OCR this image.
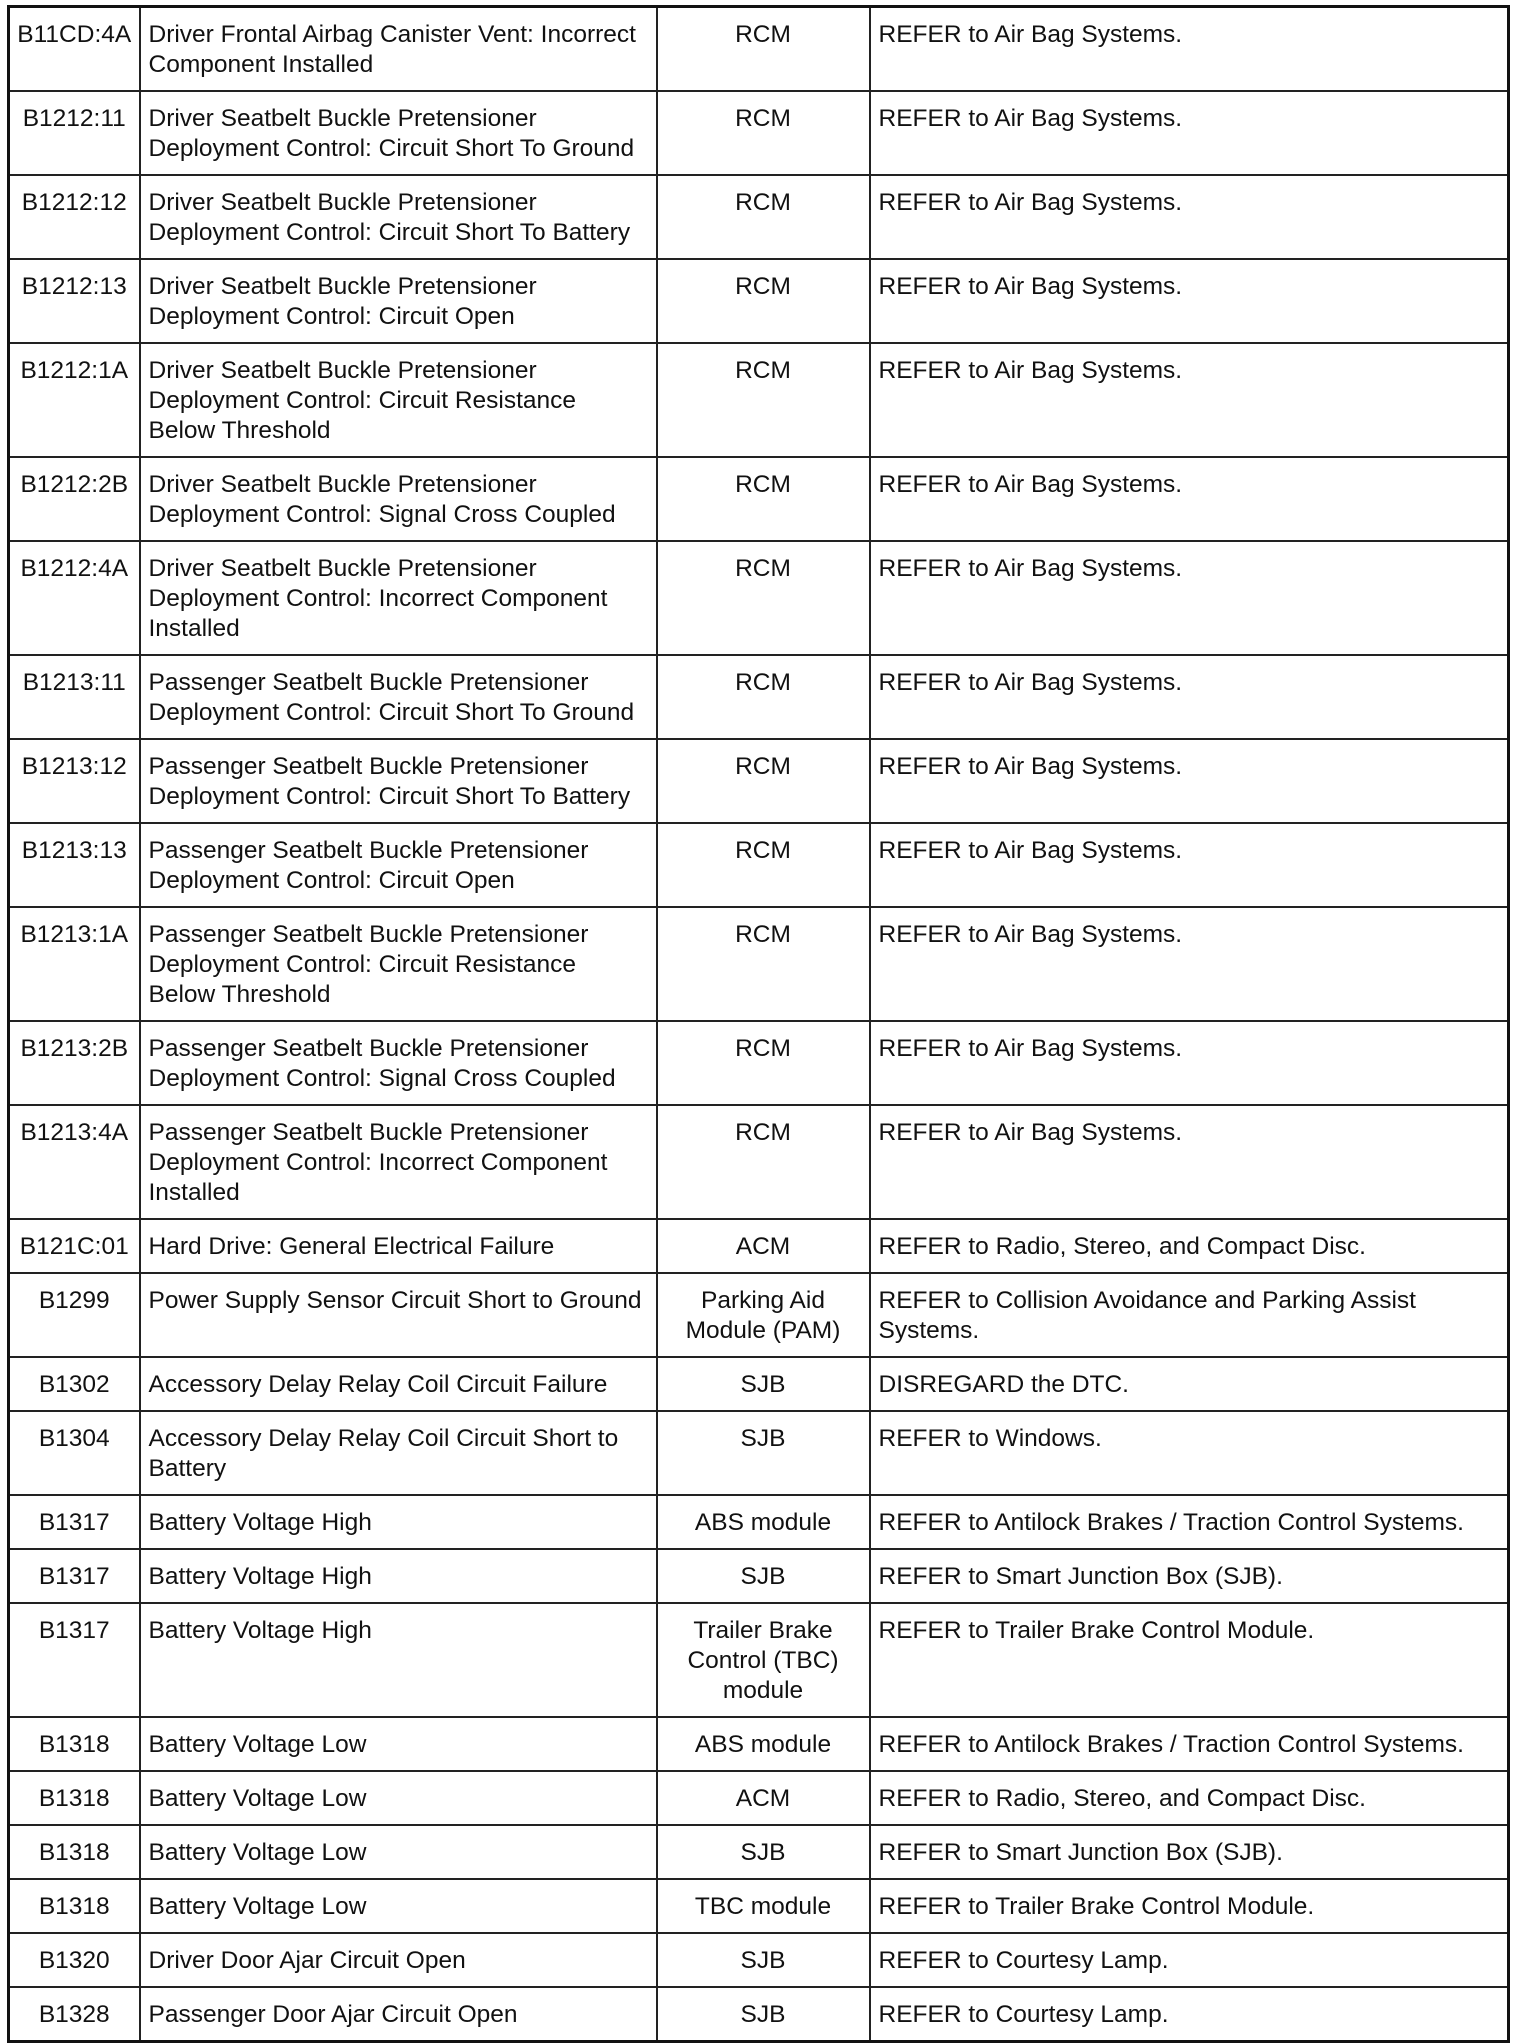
B11CD:4A	Driver Frontal Airbag Canister Vent: Incorrect Component Installed	RCM	REFER to Air Bag Systems.
B1212:11	Driver Seatbelt Buckle Pretensioner Deployment Control: Circuit Short To Ground	RCM	REFER to Air Bag Systems.
B1212:12	Driver Seatbelt Buckle Pretensioner Deployment Control: Circuit Short To Battery	RCM	REFER to Air Bag Systems.
B1212:13	Driver Seatbelt Buckle Pretensioner Deployment Control: Circuit Open	RCM	REFER to Air Bag Systems.
B1212:1A	Driver Seatbelt Buckle Pretensioner Deployment Control: Circuit Resistance Below Threshold	RCM	REFER to Air Bag Systems.
B1212:2B	Driver Seatbelt Buckle Pretensioner Deployment Control: Signal Cross Coupled	RCM	REFER to Air Bag Systems.
B1212:4A	Driver Seatbelt Buckle Pretensioner Deployment Control: Incorrect Component Installed	RCM	REFER to Air Bag Systems.
B1213:11	Passenger Seatbelt Buckle Pretensioner Deployment Control: Circuit Short To Ground	RCM	REFER to Air Bag Systems.
B1213:12	Passenger Seatbelt Buckle Pretensioner Deployment Control: Circuit Short To Battery	RCM	REFER to Air Bag Systems.
B1213:13	Passenger Seatbelt Buckle Pretensioner Deployment Control: Circuit Open	RCM	REFER to Air Bag Systems.
B1213:1A	Passenger Seatbelt Buckle Pretensioner Deployment Control: Circuit Resistance Below Threshold	RCM	REFER to Air Bag Systems.
B1213:2B	Passenger Seatbelt Buckle Pretensioner Deployment Control: Signal Cross Coupled	RCM	REFER to Air Bag Systems.
B1213:4A	Passenger Seatbelt Buckle Pretensioner Deployment Control: Incorrect Component Installed	RCM	REFER to Air Bag Systems.
B121C:01	Hard Drive: General Electrical Failure	ACM	REFER to Radio, Stereo, and Compact Disc.
B1299	Power Supply Sensor Circuit Short to Ground	Parking Aid Module (PAM)	REFER to Collision Avoidance and Parking Assist Systems.
B1302	Accessory Delay Relay Coil Circuit Failure	SJB	DISREGARD the DTC.
B1304	Accessory Delay Relay Coil Circuit Short to Battery	SJB	REFER to Windows.
B1317	Battery Voltage High	ABS module	REFER to Antilock Brakes / Traction Control Systems.
B1317	Battery Voltage High	SJB	REFER to Smart Junction Box (SJB).
B1317	Battery Voltage High	Trailer Brake Control (TBC) module	REFER to Trailer Brake Control Module.
B1318	Battery Voltage Low	ABS module	REFER to Antilock Brakes / Traction Control Systems.
B1318	Battery Voltage Low	ACM	REFER to Radio, Stereo, and Compact Disc.
B1318	Battery Voltage Low	SJB	REFER to Smart Junction Box (SJB).
B1318	Battery Voltage Low	TBC module	REFER to Trailer Brake Control Module.
B1320	Driver Door Ajar Circuit Open	SJB	REFER to Courtesy Lamp.
B1328	Passenger Door Ajar Circuit Open	SJB	REFER to Courtesy Lamp.
